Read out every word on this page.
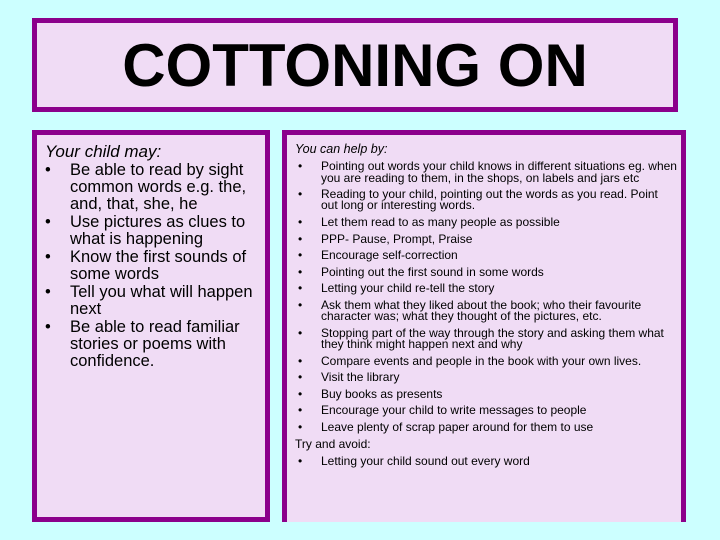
COTTONING ON
Your child may:
• Be able to read by sight common words e.g. the, and, that, she, he
• Use pictures as clues to what is happening
• Know the first sounds of some words
• Tell you what will happen next
• Be able to read familiar stories or poems with confidence.
You can help by:
• Pointing out words your child knows in different situations eg. when you are reading to them, in the shops, on labels and jars etc
• Reading to your child, pointing out the words as you read. Point out long or interesting words.
• Let them read to as many people as possible
• PPP- Pause, Prompt, Praise
• Encourage self-correction
• Pointing out the first sound in some words
• Letting your child re-tell the story
• Ask them what they liked about the book; who their favourite character was; what they thought of the pictures, etc.
• Stopping part of the way through the story and asking them what they think might happen next and why
• Compare events and people in the book with your own lives.
• Visit the library
• Buy books as presents
• Encourage your child to write messages to people
• Leave plenty of scrap paper around for them to use
Try and avoid:
• Letting your child sound out every word
